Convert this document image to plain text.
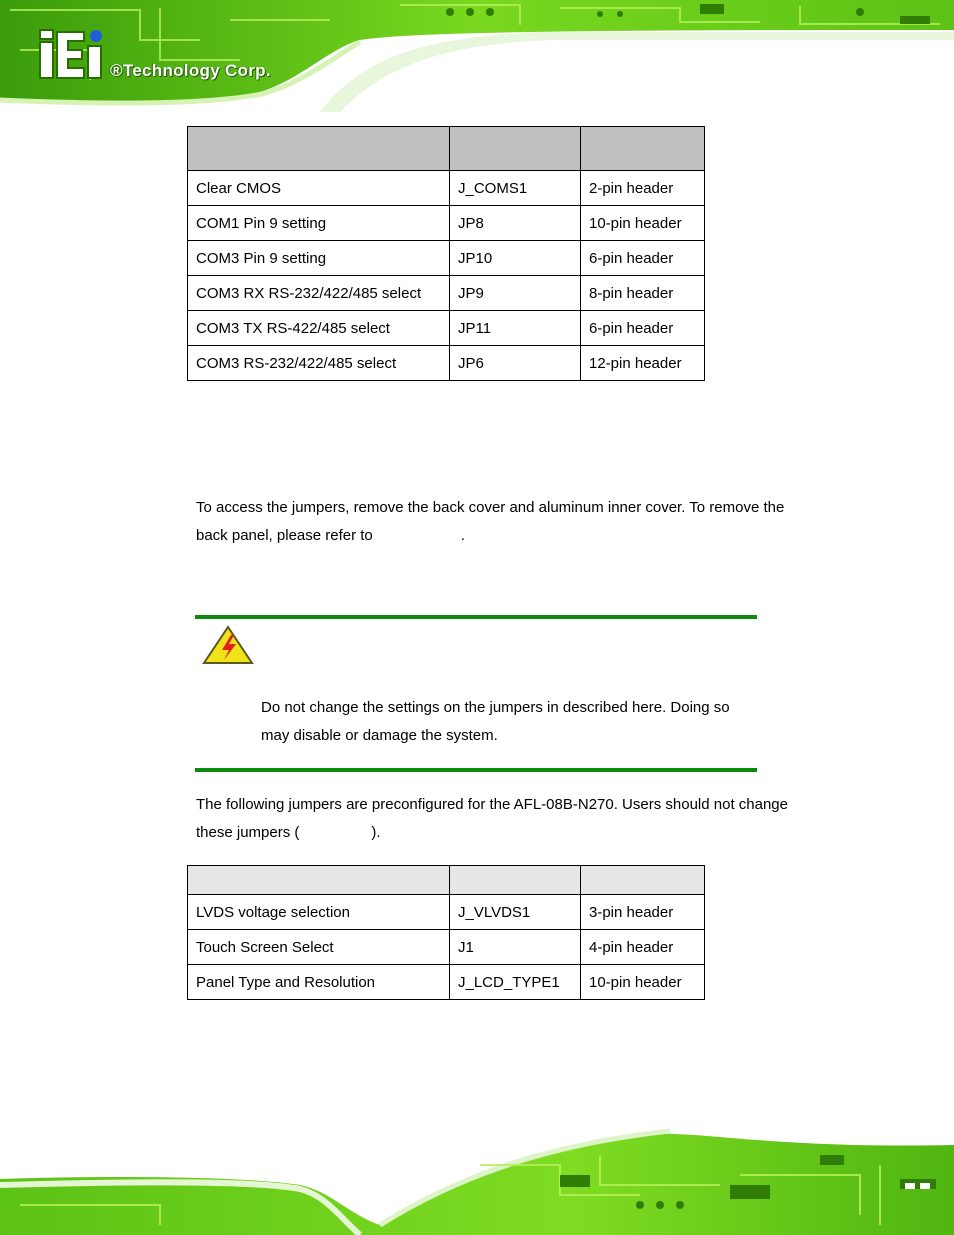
®Technology Corp.

Clear CMOS	J_COMS1	2-pin header
COM1 Pin 9 setting	JP8	10-pin header
COM3 Pin 9 setting	JP10	6-pin header
COM3 RX RS-232/422/485 select	JP9	8-pin header
COM3 TX RS-422/485 select	JP11	6-pin header
COM3 RS-232/422/485 select	JP6	12-pin header
To access the jumpers, remove the back cover and aluminum inner cover. To remove the
back panel, please refer to	.
Do not change the settings on the jumpers in described here. Doing so
may disable or damage the system.
The following jumpers are preconfigured for the AFL-08B-N270. Users should not change
these jumpers (	).

LVDS voltage selection	J_VLVDS1	3-pin header
Touch Screen Select	J1	4-pin header
Panel Type and Resolution	J_LCD_TYPE1	10-pin header
